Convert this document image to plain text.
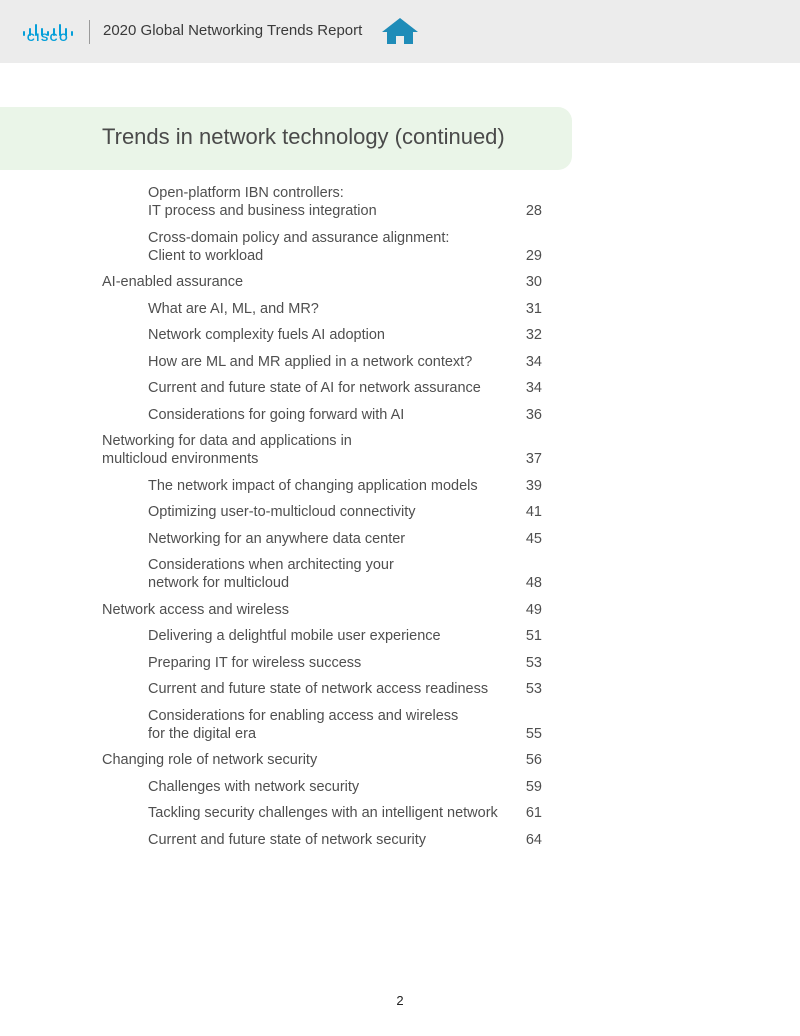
CISCO	2020 Global Networking Trends Report
Trends in network technology (continued)
Open-platform IBN controllers:
IT process and business integration	28
Cross-domain policy and assurance alignment:
Client to workload	29
AI-enabled assurance	30
What are AI, ML, and MR?	31
Network complexity fuels AI adoption	32
How are ML and MR applied in a network context?	34
Current and future state of AI for network assurance	34
Considerations for going forward with AI	36
Networking for data and applications in
multicloud environments	37
The network impact of changing application models	39
Optimizing user-to-multicloud connectivity	41
Networking for an anywhere data center	45
Considerations when architecting your
network for multicloud	48
Network access and wireless	49
Delivering a delightful mobile user experience	51
Preparing IT for wireless success	53
Current and future state of network access readiness	53
Considerations for enabling access and wireless
for the digital era	55
Changing role of network security	56
Challenges with network security	59
Tackling security challenges with an intelligent network	61
Current and future state of network security	64
2
